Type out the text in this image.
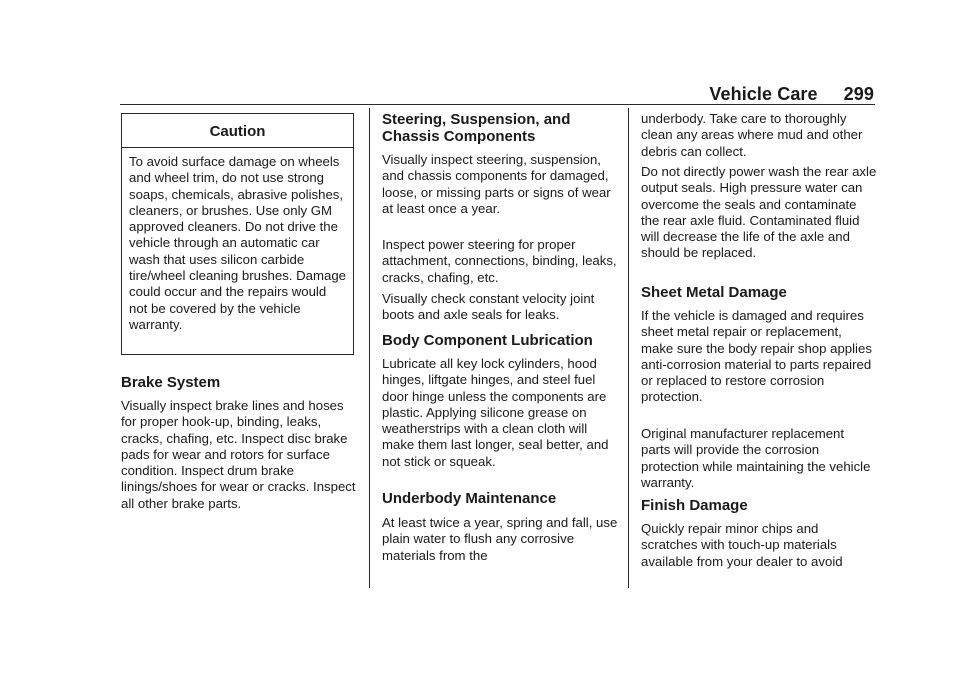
Vehicle Care 299
Caution
To avoid surface damage on wheels and wheel trim, do not use strong soaps, chemicals, abrasive polishes, cleaners, or brushes. Use only GM approved cleaners. Do not drive the vehicle through an automatic car wash that uses silicon carbide tire/wheel cleaning brushes. Damage could occur and the repairs would not be covered by the vehicle warranty.
Brake System

Visually inspect brake lines and hoses for proper hook-up, binding, leaks, cracks, chafing, etc. Inspect disc brake pads for wear and rotors for surface condition. Inspect drum brake linings/shoes for wear or cracks. Inspect all other brake parts.

Steering, Suspension, and Chassis Components

Visually inspect steering, suspension, and chassis components for damaged, loose, or missing parts or signs of wear at least once a year.

Inspect power steering for proper attachment, connections, binding, leaks, cracks, chafing, etc.

Visually check constant velocity joint boots and axle seals for leaks.

Body Component Lubrication

Lubricate all key lock cylinders, hood hinges, liftgate hinges, and steel fuel door hinge unless the components are plastic. Applying silicone grease on weatherstrips with a clean cloth will make them last longer, seal better, and not stick or squeak.

Underbody Maintenance

At least twice a year, spring and fall, use plain water to flush any corrosive materials from the

underbody. Take care to thoroughly clean any areas where mud and other debris can collect.

Do not directly power wash the rear axle output seals. High pressure water can overcome the seals and contaminate the rear axle fluid. Contaminated fluid will decrease the life of the axle and should be replaced.

Sheet Metal Damage

If the vehicle is damaged and requires sheet metal repair or replacement, make sure the body repair shop applies anti-corrosion material to parts repaired or replaced to restore corrosion protection.

Original manufacturer replacement parts will provide the corrosion protection while maintaining the vehicle warranty.

Finish Damage

Quickly repair minor chips and scratches with touch-up materials available from your dealer to avoid
